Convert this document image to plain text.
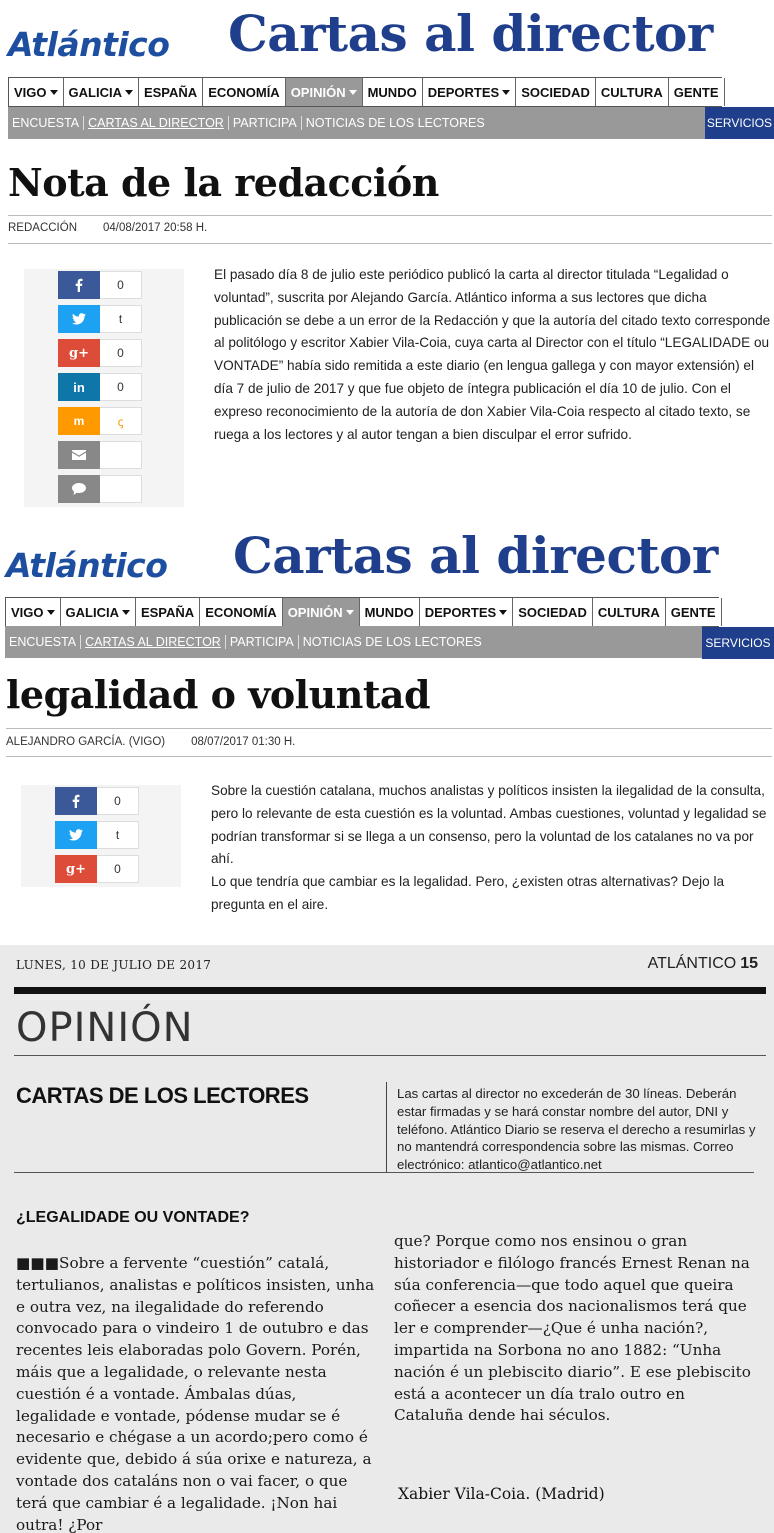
Atlántico Cartas al director
VIGO GALICIA ESPAÑA ECONOMÍA OPINIÓN MUNDO DEPORTES SOCIEDAD CULTURA GENTE
ENCUESTA CARTAS AL DIRECTOR PARTICIPA NOTICIAS DE LOS LECTORES	SERVICIOS
Nota de la redacción
REDACCIÓN 04/08/2017 20:58 H.
0
t
g+	0
in	0
m	ꞔ
El pasado día 8 de julio este periódico publicó la carta al director titulada “Legalidad o voluntad”, suscrita por Alejando García. Atlántico informa a sus lectores que dicha publicación se debe a un error de la Redacción y que la autoría del citado texto corresponde al politólogo y escritor Xabier Vila-Coia, cuya carta al Director con el título “LEGALIDADE ou VONTADE” había sido remitida a este diario (en lengua gallega y con mayor extensión) el día 7 de julio de 2017 y que fue objeto de íntegra publicación el día 10 de julio. Con el expreso reconocimiento de la autoría de don Xabier Vila-Coia respecto al citado texto, se ruega a los lectores y al autor tengan a bien disculpar el error sufrido.
Atlántico Cartas al director
VIGO GALICIA ESPAÑA ECONOMÍA OPINIÓN MUNDO DEPORTES SOCIEDAD CULTURA GENTE
ENCUESTA CARTAS AL DIRECTOR PARTICIPA NOTICIAS DE LOS LECTORES	SERVICIOS
legalidad o voluntad
ALEJANDRO GARCÍA. (VIGO) 08/07/2017 01:30 H.
0
t
g+	0
Sobre la cuestión catalana, muchos analistas y políticos insisten la ilegalidad de la consulta, pero lo relevante de esta cuestión es la voluntad. Ambas cuestiones, voluntad y legalidad se podrían transformar si se llega a un consenso, pero la voluntad de los catalanes no va por ahí.
Lo que tendría que cambiar es la legalidad. Pero, ¿existen otras alternativas? Dejo la pregunta en el aire.
LUNES, 10 DE JULIO DE 2017	ATLÁNTICO 15
OPINIÓN
CARTAS DE LOS LECTORES	Las cartas al director no excederán de 30 líneas. Deberán estar firmadas y se hará constar nombre del autor, DNI y teléfono. Atlántico Diario se reserva el derecho a resumirlas y no mantendrá correspondencia sobre las mismas. Correo electrónico: atlantico@atlantico.net
¿LEGALIDADE OU VONTADE?
■■■Sobre a fervente “cuestión” catalá, tertulianos, analistas e políticos insisten, unha e outra vez, na ilegalidade do referendo convocado para o vindeiro 1 de outubro e das recentes leis elaboradas polo Govern. Porén, máis que a legalidade, o relevante nesta cuestión é a vontade. Ámbalas dúas, legalidade e vontade, pódense mudar se é necesario e chégase a un acordo;pero como é evidente que, debido á súa orixe e natureza, a vontade dos cataláns non o vai facer, o que terá que cambiar é a legalidade. ¡Non hai outra! ¿Por
que? Porque como nos ensinou o gran historiador e filólogo francés Ernest Renan na súa conferencia—que todo aquel que queira coñecer a esencia dos nacionalismos terá que ler e comprender—¿Que é unha nación?, impartida na Sorbona no ano 1882: “Unha nación é un plebiscito diario”. E ese plebiscito está a acontecer un día tralo outro en Cataluña dende hai séculos.
Xabier Vila-Coia. (Madrid)
